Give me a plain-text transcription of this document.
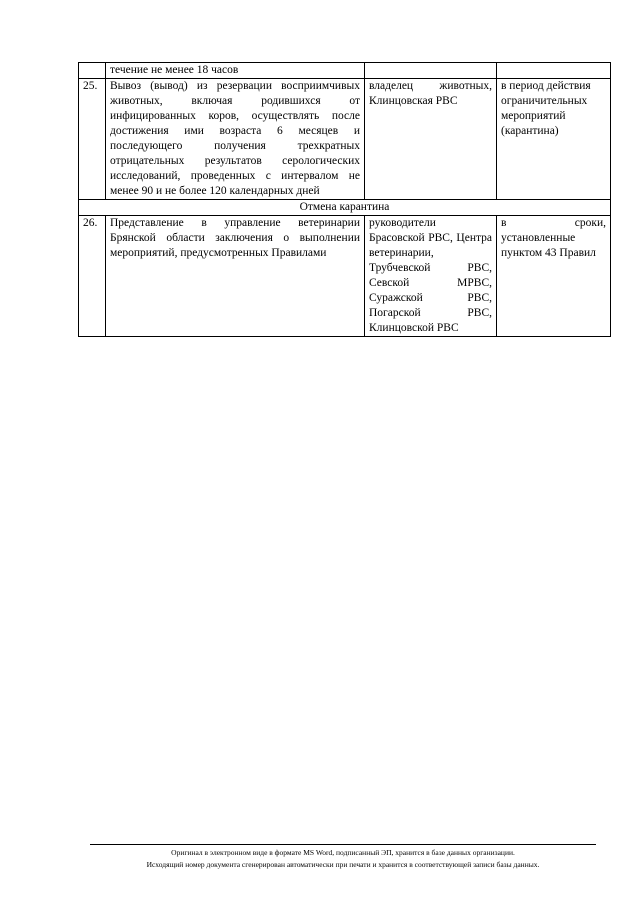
	течение не менее 18 часов		
25.	Вывоз (вывод) из резервации восприимчивых животных, включая родившихся от инфицированных коров, осуществлять после достижения ими возраста 6 месяцев и последующего получения трехкратных отрицательных результатов серологических исследований, проведенных с интервалом не менее 90 и не более 120 календарных дней	владелец животных, Клинцовская РВС	в период действия ограничительных мероприятий (карантина)
Отмена карантина			
26.	Представление в управление ветеринарии Брянской области заключения о выполнении мероприятий, предусмотренных Правилами	руководители Брасовской РВС, Центра ветеринарии, Трубчевской РВС, Севской МРВС, Суражской РВС, Погарской РВС, Клинцовской РВС	в сроки, установленные пунктом 43 Правил
Оригинал в электронном виде в формате MS Word, подписанный ЭП, хранится в базе данных организации.
Исходящий номер документа сгенерирован автоматически при печати и хранится в соответствующей записи базы данных.
